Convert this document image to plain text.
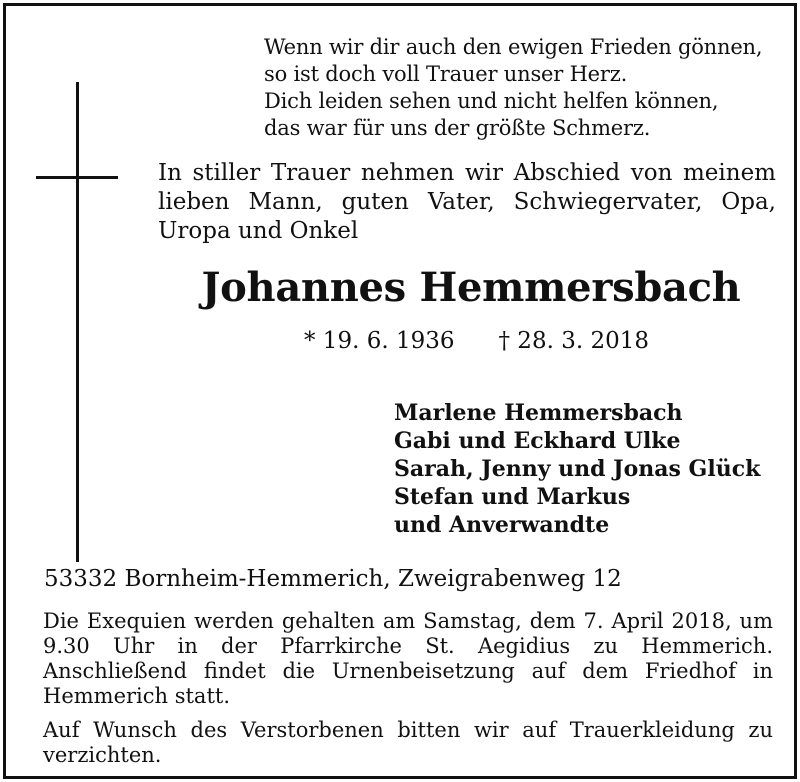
Wenn wir dir auch den ewigen Frieden gönnen,
so ist doch voll Trauer unser Herz.
Dich leiden sehen und nicht helfen können,
das war für uns der größte Schmerz.
In stiller Trauer nehmen wir Abschied von meinem lieben Mann, guten Vater, Schwiegervater, Opa, Uropa und Onkel
Johannes Hemmersbach
* 19. 6. 1936 † 28. 3. 2018
Marlene Hemmersbach
Gabi und Eckhard Ulke
Sarah, Jenny und Jonas Glück
Stefan und Markus
und Anverwandte
53332 Bornheim-Hemmerich, Zweigrabenweg 12

Die Exequien werden gehalten am Samstag, dem 7. April 2018, um 9.30 Uhr in der Pfarrkirche St. Aegidius zu Hemmerich. Anschließend findet die Urnenbeisetzung auf dem Friedhof in Hemmerich statt.

Auf Wunsch des Verstorbenen bitten wir auf Trauerkleidung zu verzichten.
